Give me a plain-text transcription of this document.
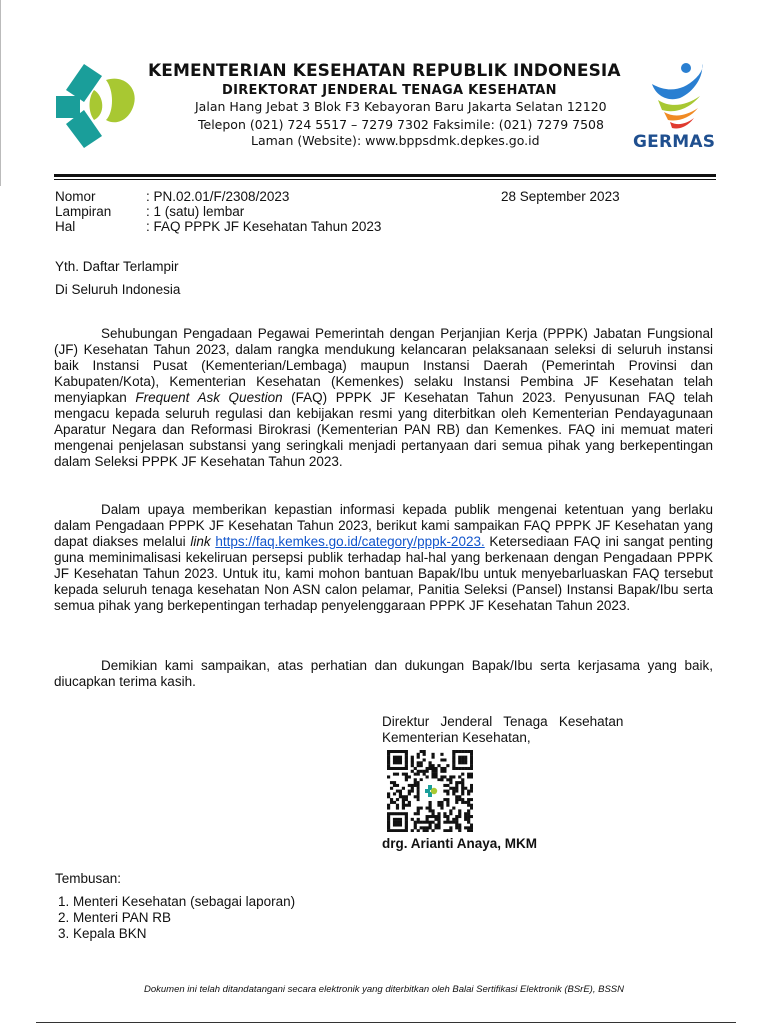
KEMENTERIAN KESEHATAN REPUBLIK INDONESIA
DIREKTORAT JENDERAL TENAGA KESEHATAN
Jalan Hang Jebat 3 Blok F3 Kebayoran Baru Jakarta Selatan 12120
Telepon (021) 724 5517 – 7279 7302 Faksimile: (021) 7279 7508
Laman (Website): www.bppsdmk.depkes.go.id	GERMAS
Nomor	: PN.02.01/F/2308/2023	28 September 2023
Lampiran	: 1 (satu) lembar
Hal	: FAQ PPPK JF Kesehatan Tahun 2023
Yth. Daftar Terlampir
Di Seluruh Indonesia
Sehubungan Pengadaan Pegawai Pemerintah dengan Perjanjian Kerja (PPPK) Jabatan Fungsional (JF) Kesehatan Tahun 2023, dalam rangka mendukung kelancaran pelaksanaan seleksi di seluruh instansi baik Instansi Pusat (Kementerian/Lembaga) maupun Instansi Daerah (Pemerintah Provinsi dan Kabupaten/Kota), Kementerian Kesehatan (Kemenkes) selaku Instansi Pembina JF Kesehatan telah menyiapkan Frequent Ask Question (FAQ) PPPK JF Kesehatan Tahun 2023. Penyusunan FAQ telah mengacu kepada seluruh regulasi dan kebijakan resmi yang diterbitkan oleh Kementerian Pendayagunaan Aparatur Negara dan Reformasi Birokrasi (Kementerian PAN RB) dan Kemenkes. FAQ ini memuat materi mengenai penjelasan substansi yang seringkali menjadi pertanyaan dari semua pihak yang berkepentingan dalam Seleksi PPPK JF Kesehatan Tahun 2023.
Dalam upaya memberikan kepastian informasi kepada publik mengenai ketentuan yang berlaku dalam Pengadaan PPPK JF Kesehatan Tahun 2023, berikut kami sampaikan FAQ PPPK JF Kesehatan yang dapat diakses melalui link https://faq.kemkes.go.id/category/pppk-2023. Ketersediaan FAQ ini sangat penting guna meminimalisasi kekeliruan persepsi publik terhadap hal-hal yang berkenaan dengan Pengadaan PPPK JF Kesehatan Tahun 2023. Untuk itu, kami mohon bantuan Bapak/Ibu untuk menyebarluaskan FAQ tersebut kepada seluruh tenaga kesehatan Non ASN calon pelamar, Panitia Seleksi (Pansel) Instansi Bapak/Ibu serta semua pihak yang berkepentingan terhadap penyelenggaraan PPPK JF Kesehatan Tahun 2023.
Demikian kami sampaikan, atas perhatian dan dukungan Bapak/Ibu serta kerjasama yang baik, diucapkan terima kasih.
Direktur   Jenderal   Tenaga   Kesehatan
Kementerian Kesehatan,
drg. Arianti Anaya, MKM
Tembusan:
1. Menteri Kesehatan (sebagai laporan)
2. Menteri PAN RB
3. Kepala BKN
Dokumen ini telah ditandatangani secara elektronik yang diterbitkan oleh Balai Sertifikasi Elektronik (BSrE), BSSN
